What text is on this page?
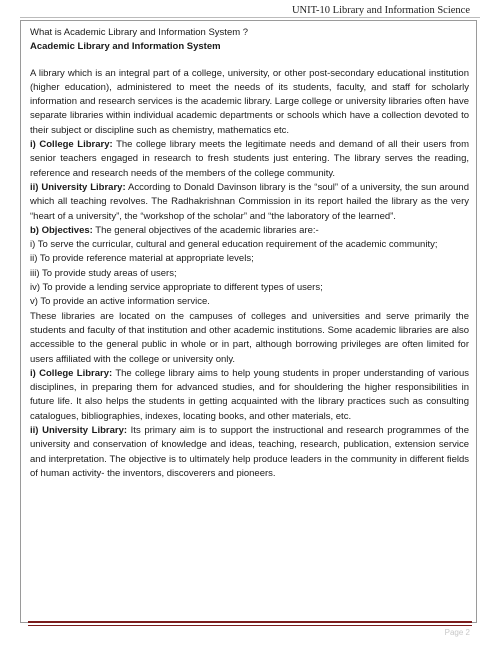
UNIT-10 Library and Information Science

What is Academic Library and Information System ?

Academic Library and Information System

A library which is an integral part of a college, university, or other post-secondary educational institution (higher education), administered to meet the needs of its students, faculty, and staff for scholarly information and research services is the academic library. Large college or university libraries often have separate libraries within individual academic departments or schools which have a collection devoted to their subject or discipline such as chemistry, mathematics etc.

i) College Library: The college library meets the legitimate needs and demand of all their users from senior teachers engaged in research to fresh students just entering. The library serves the reading, reference and research needs of the members of the college community.

ii) University Library: According to Donald Davinson library is the “soul” of a university, the sun around which all teaching revolves. The Radhakrishnan Commission in its report hailed the library as the very “heart of a university”, the “workshop of the scholar” and “the laboratory of the learned”.

b) Objectives: The general objectives of the academic libraries are:-

i) To serve the curricular, cultural and general education requirement of the academic community;

ii) To provide reference material at appropriate levels;

iii) To provide study areas of users;

iv) To provide a lending service appropriate to different types of users;

v) To provide an active information service.

These libraries are located on the campuses of colleges and universities and serve primarily the students and faculty of that institution and other academic institutions. Some academic libraries are also accessible to the general public in whole or in part, although borrowing privileges are often limited for users affiliated with the college or university only.

i) College Library: The college library aims to help young students in proper understanding of various disciplines, in preparing them for advanced studies, and for shouldering the higher responsibilities in future life. It also helps the students in getting acquainted with the library practices such as consulting catalogues, bibliographies, indexes, locating books, and other materials, etc.

ii) University Library: Its primary aim is to support the instructional and research programmes of the university and conservation of knowledge and ideas, teaching, research, publication, extension service and interpretation. The objective is to ultimately help produce leaders in the community in different fields of human activity- the inventors, discoverers and pioneers.

Page 2
